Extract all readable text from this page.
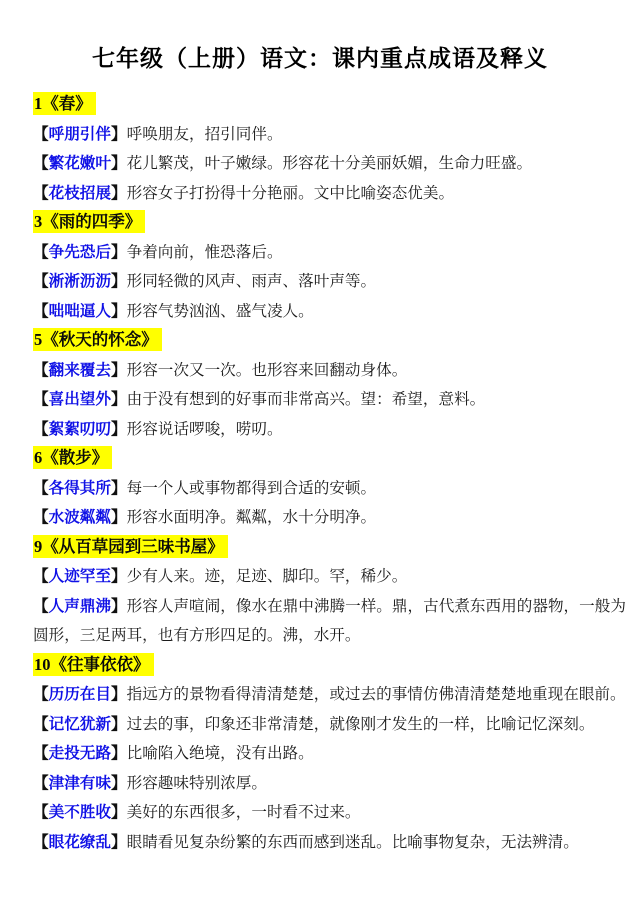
七年级（上册）语文：课内重点成语及释义

1《春》

【呼朋引伴】呼唤朋友，招引同伴。

【繁花嫩叶】花儿繁茂，叶子嫩绿。形容花十分美丽妖媚，生命力旺盛。

【花枝招展】形容女子打扮得十分艳丽。文中比喻姿态优美。

3《雨的四季》

【争先恐后】争着向前，惟恐落后。

【淅淅沥沥】形同轻微的风声、雨声、落叶声等。

【咄咄逼人】形容气势汹汹、盛气凌人。

5《秋天的怀念》

【翻来覆去】形容一次又一次。也形容来回翻动身体。

【喜出望外】由于没有想到的好事而非常高兴。望：希望，意料。

【絮絮叨叨】形容说话啰唆，唠叨。

6《散步》

【各得其所】每一个人或事物都得到合适的安顿。

【水波粼粼】形容水面明净。粼粼，水十分明净。

9《从百草园到三味书屋》

【人迹罕至】少有人来。迹，足迹、脚印。罕，稀少。

【人声鼎沸】形容人声喧闹，像水在鼎中沸腾一样。鼎，古代煮东西用的器物，一般为圆形，三足两耳，也有方形四足的。沸，水开。

10《往事依依》

【历历在目】指远方的景物看得清清楚楚，或过去的事情仿佛清清楚楚地重现在眼前。

【记忆犹新】过去的事，印象还非常清楚，就像刚才发生的一样，比喻记忆深刻。

【走投无路】比喻陷入绝境，没有出路。

【津津有味】形容趣味特别浓厚。

【美不胜收】美好的东西很多，一时看不过来。

【眼花缭乱】眼睛看见复杂纷繁的东西而感到迷乱。比喻事物复杂，无法辨清。
